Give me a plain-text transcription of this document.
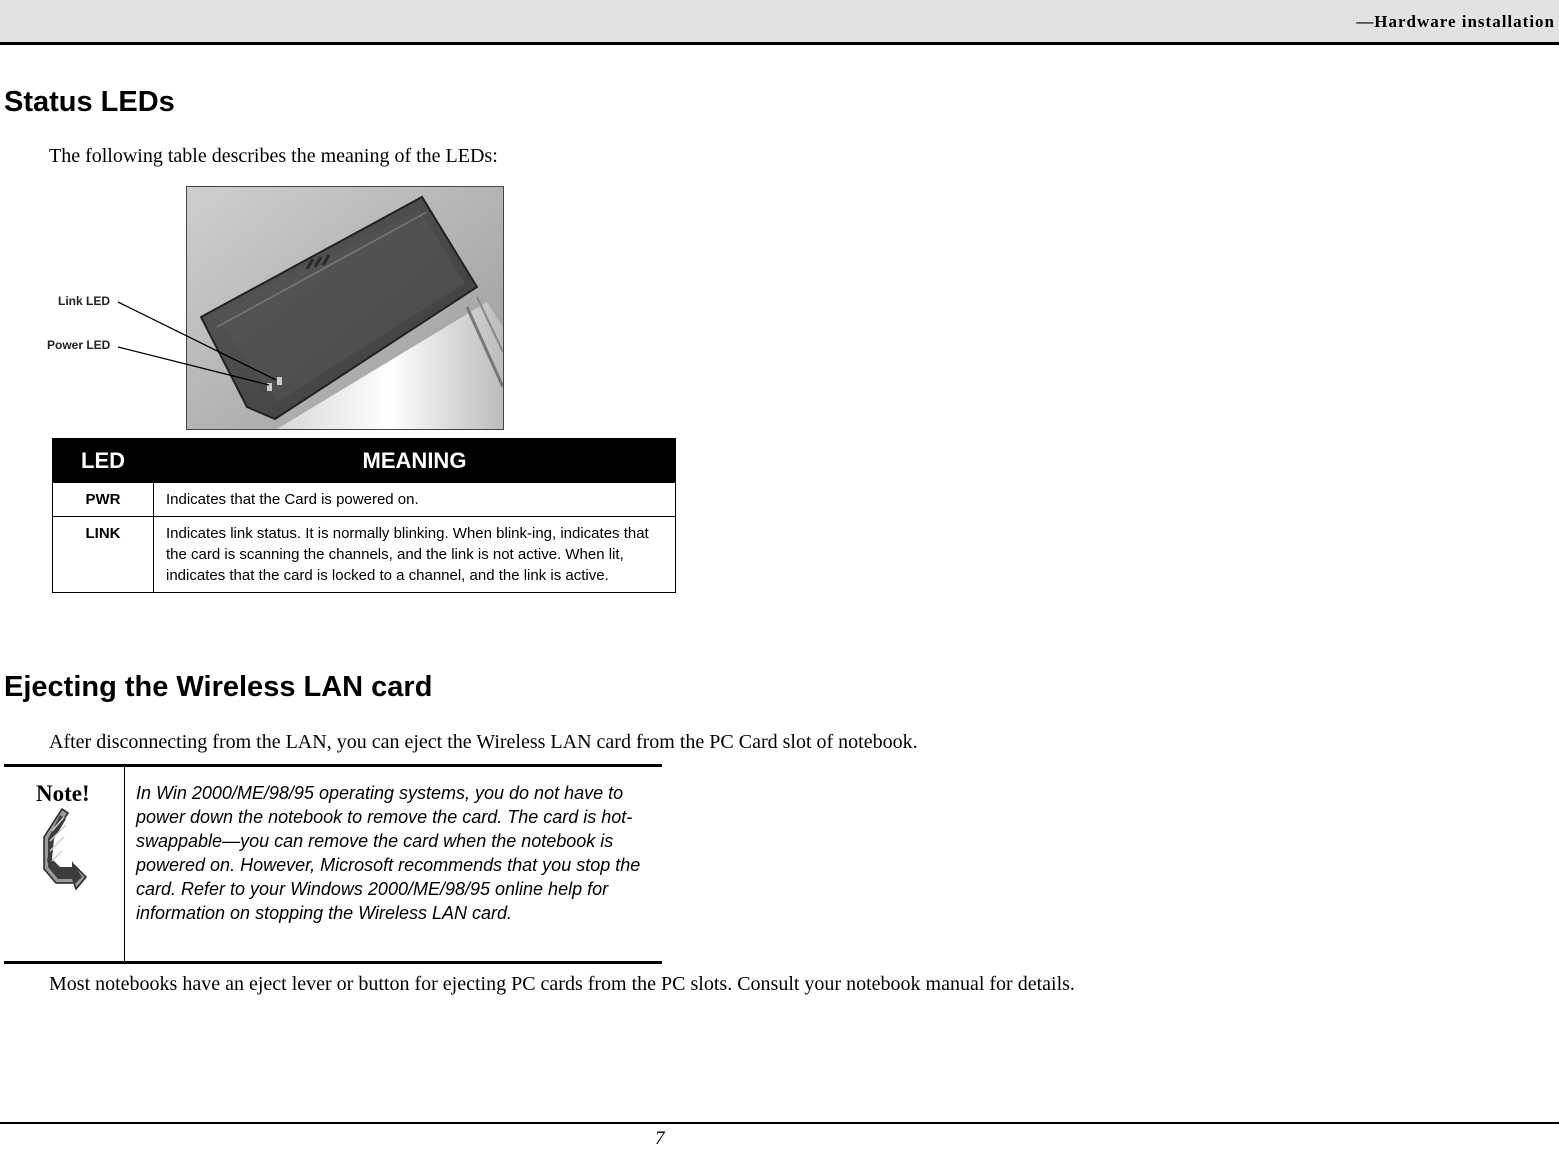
—Hardware installation
Status LEDs

The following table describes the meaning of the LEDs:

Link LED
Power LED
LED	MEANING
PWR	Indicates that the Card is powered on.
LINK	Indicates link status. It is normally blinking. When blink-ing, indicates that the card is scanning the channels, and the link is not active. When lit, indicates that the card is locked to a channel, and the link is active.
Ejecting the Wireless LAN card

After disconnecting from the LAN, you can eject the Wireless LAN card from the PC Card slot of notebook.

Note!	In Win 2000/ME/98/95 operating systems, you do not have to power down the notebook to remove the card. The card is hot-swappable—you can remove the card when the notebook is powered on. However, Microsoft recommends that you stop the card. Refer to your Windows 2000/ME/98/95 online help for information on stopping the Wireless LAN card.

Most notebooks have an eject lever or button for ejecting PC cards from the PC slots. Consult your notebook manual for details.

7
